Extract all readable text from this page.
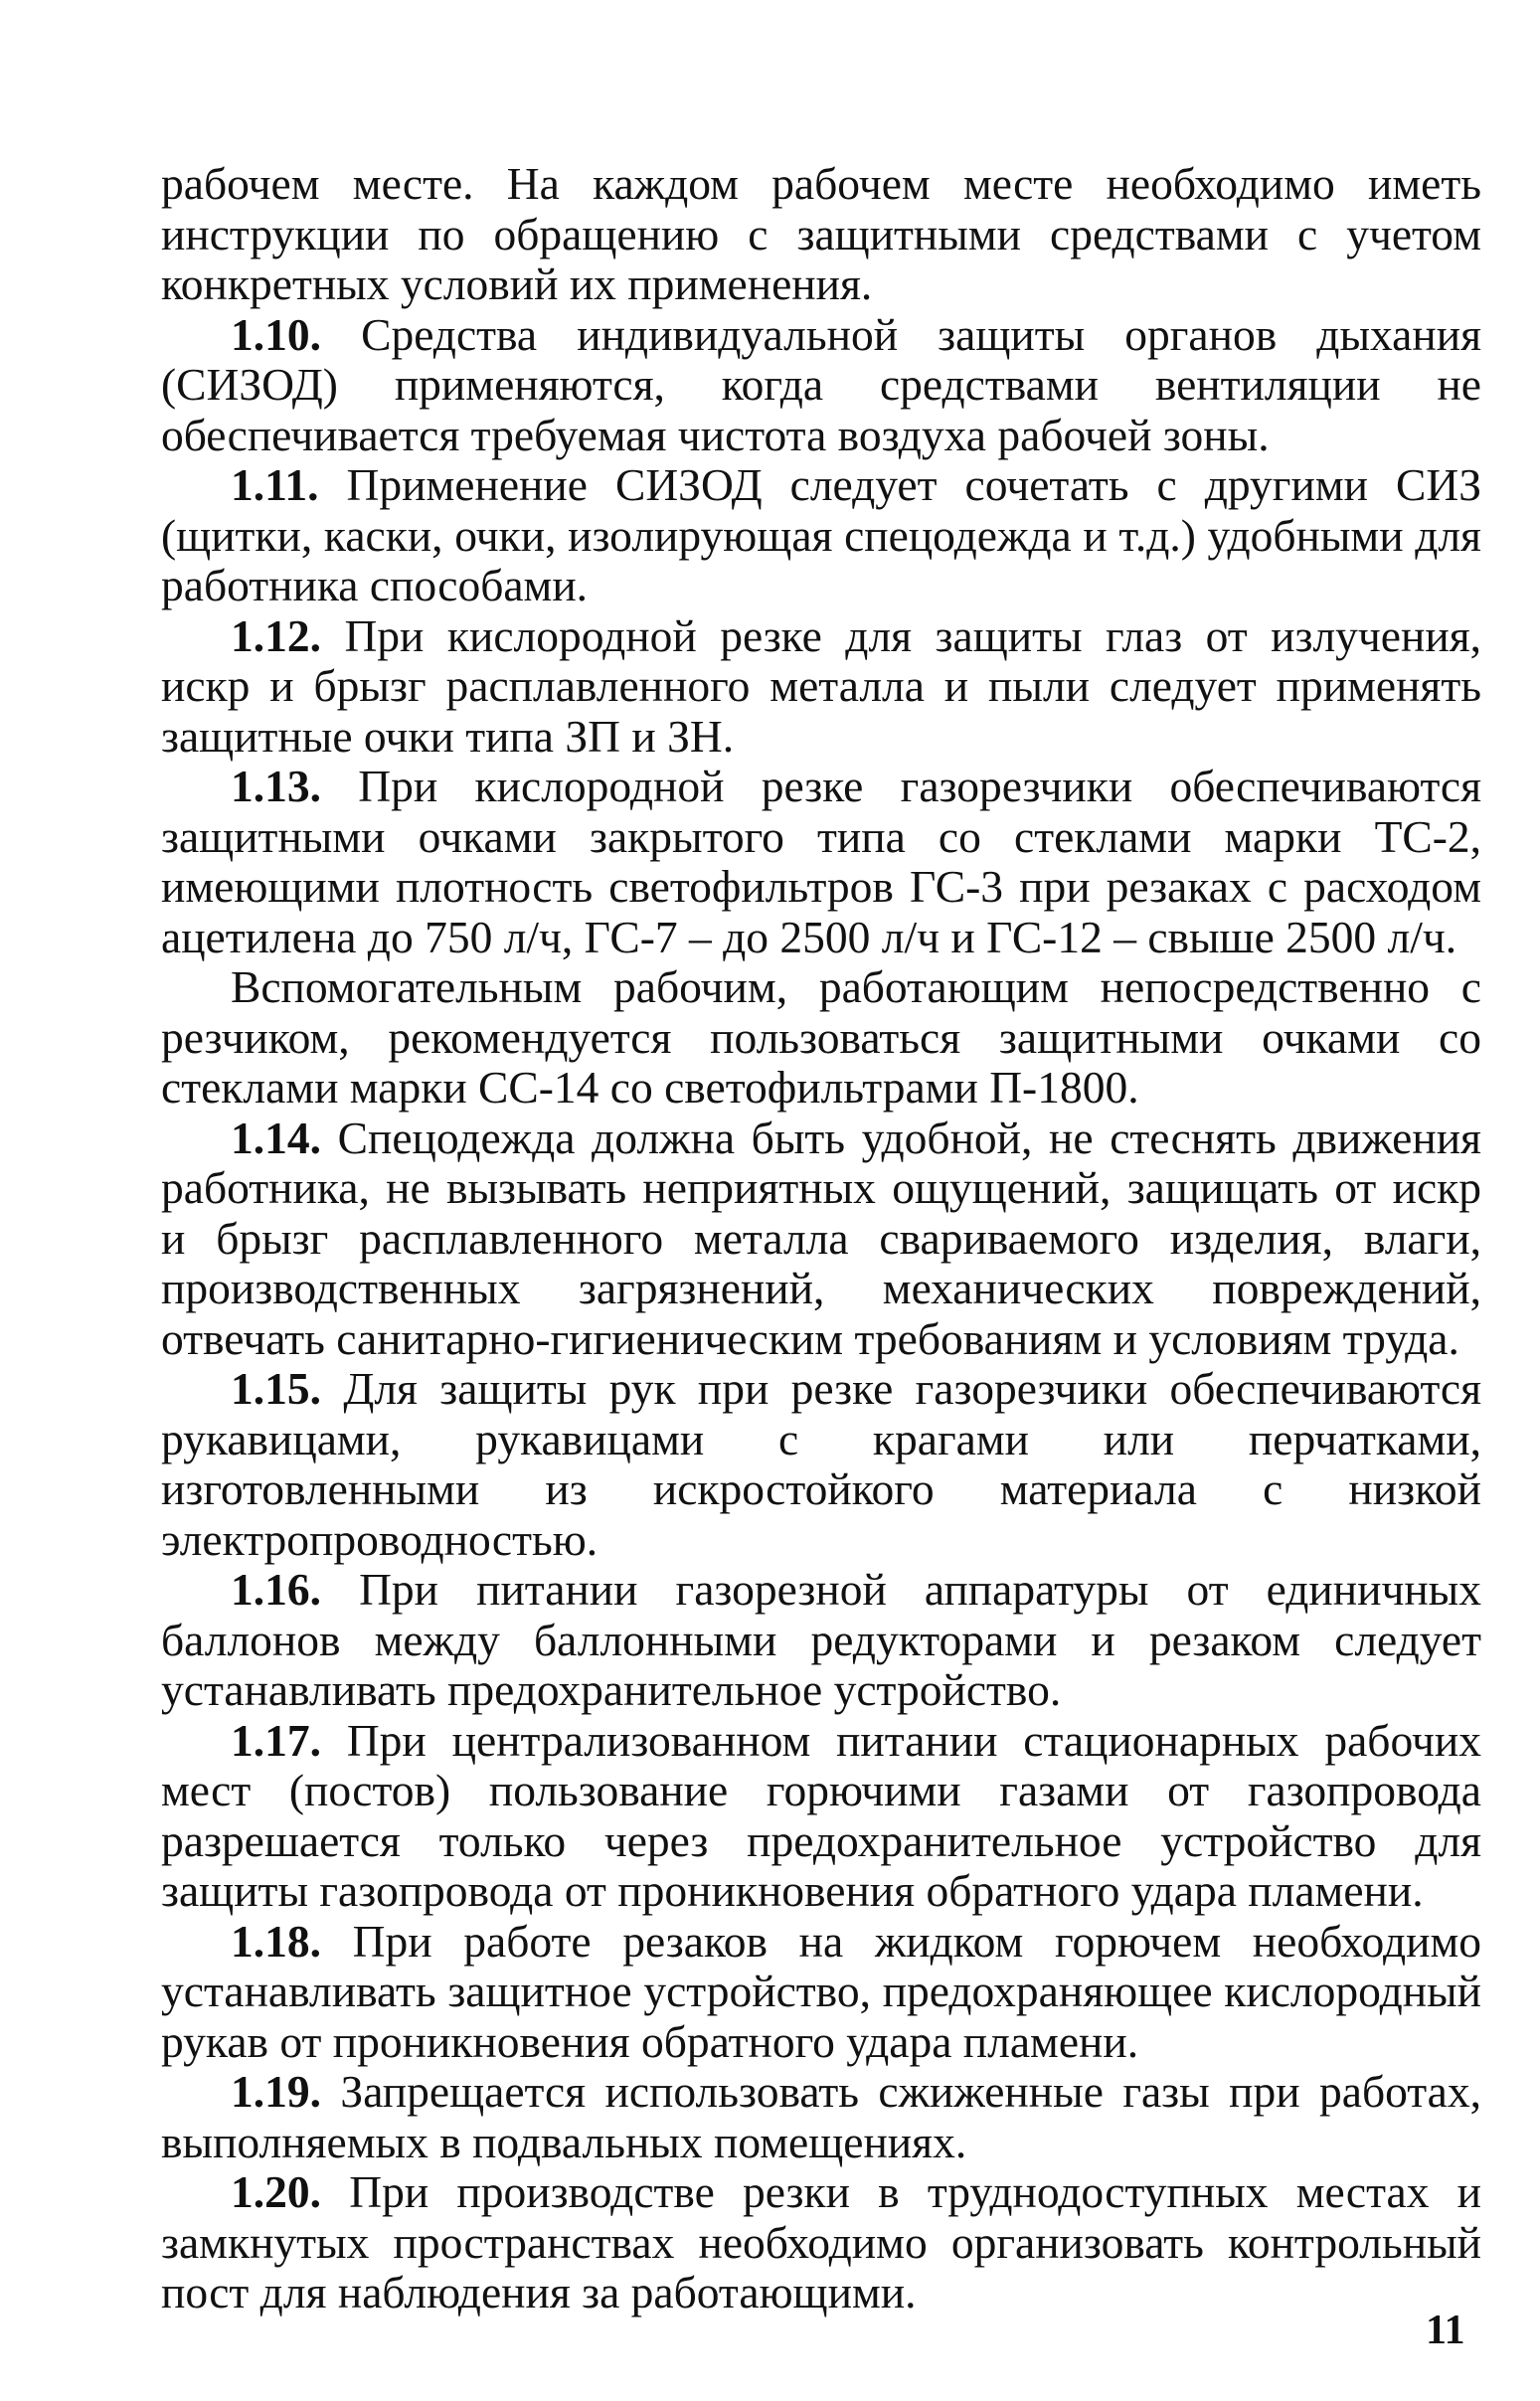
рабочем месте. На каждом рабочем месте необходимо иметь инструкции по обращению с защитными средствами с учетом конкретных условий их применения.

1.10. Средства индивидуальной защиты органов дыхания (СИЗОД) применяются, когда средствами вентиляции не обеспечивается требуемая чистота воздуха рабочей зоны.

1.11. Применение СИЗОД следует сочетать с другими СИЗ (щитки, каски, очки, изолирующая спецодежда и т.д.) удобными для работника способами.

1.12. При кислородной резке для защиты глаз от излучения, искр и брызг расплавленного металла и пыли следует применять защитные очки типа ЗП и ЗН.

1.13. При кислородной резке газорезчики обеспечиваются защитными очками закрытого типа со стеклами марки ТС-2, имеющими плотность светофильтров ГС-3 при резаках с расходом ацетилена до 750 л/ч, ГС-7 – до 2500 л/ч и ГС-12 – свыше 2500 л/ч.

Вспомогательным рабочим, работающим непосредственно с резчиком, рекомендуется пользоваться защитными очками со стеклами марки СС-14 со светофильтрами П-1800.

1.14. Спецодежда должна быть удобной, не стеснять движения работника, не вызывать неприятных ощущений, защищать от искр и брызг расплавленного металла свариваемого изделия, влаги, производственных загрязнений, механических повреждений, отвечать санитарно-гигиеническим требованиям и условиям труда.

1.15. Для защиты рук при резке газорезчики обеспечиваются рукавицами, рукавицами с крагами или перчатками, изготовленными из искростойкого материала с низкой электропроводностью.

1.16. При питании газорезной аппаратуры от единичных баллонов между баллонными редукторами и резаком следует устанавливать предохранительное устройство.

1.17. При централизованном питании стационарных рабочих мест (постов) пользование горючими газами от газопровода разрешается только через предохранительное устройство для защиты газопровода от проникновения обратного удара пламени.

1.18. При работе резаков на жидком горючем необходимо устанавливать защитное устройство, предохраняющее кислородный рукав от проникновения обратного удара пламени.

1.19. Запрещается использовать сжиженные газы при работах, выполняемых в подвальных помещениях.

1.20. При производстве резки в труднодоступных местах и замкнутых пространствах необходимо организовать контрольный пост для наблюдения за работающими.

11
